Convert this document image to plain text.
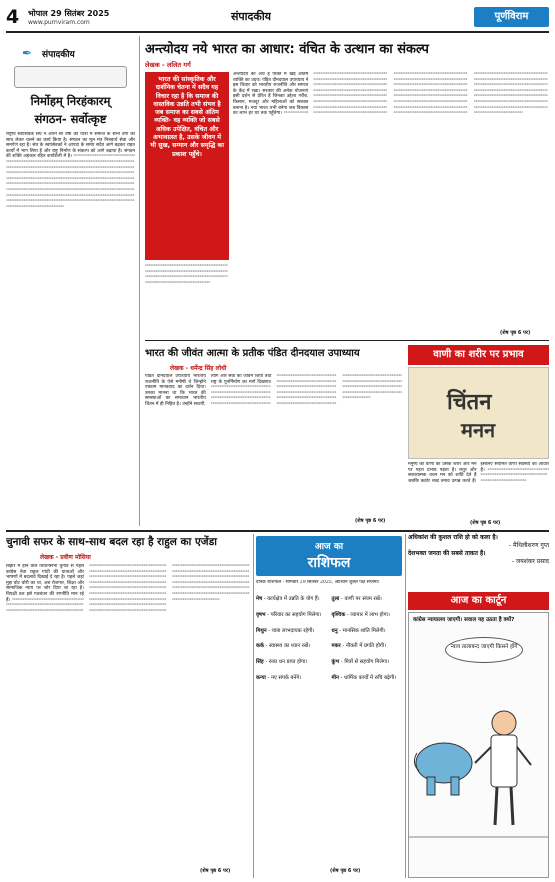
4 भोपाल 29 सितंबर 2025
www.purnviram.com	संपादकीय	पूर्णविराम
✒ संपादकीय
निर्मोहम् निरहंकारम्
संगठन- सर्वोत्कृष्ट
राष्ट्रीय स्वयंसेवक संघ ने अपने सौ वर्षों की यात्रा में समाज के सभी वर्गों को साथ लेकर चलने का कार्य किया है। संगठन का मूल मंत्र निःस्वार्थ सेवा और समर्पण रहा है। संघ के स्वयंसेवकों ने आपदा के समय सदैव आगे बढ़कर राहत कार्यों में भाग लिया है और राष्ट्र निर्माण के संकल्प को आगे बढ़ाया है। संगठन की शक्ति अहंकार रहित कार्यशैली में है। ॰॰॰॰॰॰॰॰॰॰॰॰॰॰॰॰॰॰॰॰॰॰॰॰॰॰॰॰॰॰॰॰॰॰॰॰॰॰॰॰॰॰॰॰॰॰॰॰॰॰॰॰॰॰॰॰॰॰॰॰॰॰॰॰॰॰॰॰॰॰॰॰॰॰॰॰॰॰॰॰॰॰॰॰॰॰॰॰॰॰॰॰॰॰॰॰॰॰॰॰॰॰॰॰॰॰॰॰॰॰॰॰॰॰॰॰॰॰॰॰॰॰॰॰॰॰॰॰॰॰॰॰॰॰॰॰॰॰॰॰॰॰॰॰॰॰॰॰॰॰॰॰॰॰॰॰॰॰॰॰॰॰॰॰॰॰॰॰॰॰॰॰॰॰॰॰॰॰॰॰॰॰॰॰॰॰॰॰॰॰॰॰॰॰॰॰॰॰॰॰॰॰॰॰॰॰॰॰॰॰॰॰॰॰॰॰॰॰॰॰॰॰॰॰॰॰॰॰॰॰॰॰॰॰॰॰॰॰॰॰॰॰॰॰॰॰॰॰॰॰॰॰॰॰॰॰॰॰॰॰॰॰॰॰॰॰॰॰॰॰॰॰॰॰॰॰॰॰॰॰॰॰॰॰॰॰॰॰॰॰॰॰॰॰॰॰॰॰॰॰॰॰॰॰॰॰॰॰॰॰॰॰॰॰॰॰॰॰॰॰॰॰॰॰॰॰॰॰॰॰॰॰॰॰॰॰॰॰॰॰॰॰॰॰॰॰॰॰॰॰॰॰॰॰॰॰॰॰॰॰॰॰॰॰॰॰॰॰॰॰॰॰॰॰॰॰॰॰॰॰॰॰॰॰॰॰॰॰॰॰॰॰॰॰॰॰॰॰॰॰॰॰॰॰॰॰॰॰॰॰॰॰॰॰॰॰॰॰॰॰॰॰॰॰॰॰॰॰॰॰॰॰॰॰॰॰॰॰॰॰॰॰॰॰॰॰॰॰॰॰॰॰॰॰॰॰॰॰॰॰॰॰॰॰॰॰॰॰॰॰॰॰॰॰॰॰॰॰॰॰॰॰॰॰॰॰॰॰॰॰॰॰॰॰॰॰॰॰॰॰॰॰॰॰॰॰॰॰॰॰॰॰॰॰॰॰॰॰॰॰॰॰॰॰॰॰॰॰॰॰॰॰॰॰॰॰॰॰॰॰॰॰॰॰॰॰॰॰॰॰॰॰॰॰॰॰॰॰॰॰॰॰॰॰॰॰॰॰॰॰॰॰॰॰॰॰॰॰॰॰॰॰॰॰॰॰॰॰॰॰॰॰॰॰॰॰॰॰॰॰॰॰॰॰॰॰॰॰॰॰॰॰॰॰॰॰॰॰॰॰॰॰॰॰॰॰॰॰॰॰॰॰॰॰॰॰॰॰॰॰॰॰॰॰॰॰॰॰॰॰॰॰
अन्त्योदय नये भारत का आधार: वंचित के उत्थान का संकल्प
लेखक - ललित गर्ग
भारत की सांस्कृतिक और दार्शनिक चेतना में सदैव यह विचार रहा है कि समाज की वास्तविक उन्नति तभी संभव है जब समाज का सबसे अंतिम व्यक्ति- वह व्यक्ति जो सबसे अधिक उपेक्षित, वंचित और अभावग्रस्त है, उसके जीवन में भी सुख, सम्मान और समृद्धि का प्रकाश पहुँचे।
॰॰॰॰॰॰॰॰॰॰॰॰॰॰॰॰॰॰॰॰॰॰॰॰॰॰॰॰॰॰॰॰॰॰॰॰॰॰॰॰॰॰॰॰॰॰॰॰॰॰॰॰॰॰॰॰॰॰॰॰॰॰॰॰॰॰॰॰॰॰॰॰॰॰॰॰॰॰॰॰॰॰॰॰॰॰॰॰॰॰॰॰॰॰॰॰॰॰॰॰॰॰॰॰॰॰॰॰॰॰॰॰॰॰॰॰॰॰॰॰॰॰॰॰॰॰॰॰॰॰॰॰॰॰॰॰॰॰॰॰॰॰॰॰॰॰॰॰॰॰॰॰॰॰॰॰॰॰॰॰॰॰॰॰॰॰॰॰॰॰॰॰॰॰॰॰॰॰
अन्त्योदय का अर्थ है पंक्ति में खड़े अंतिम व्यक्ति का उदय। पंडित दीनदयाल उपाध्याय ने इस विचार को भारतीय राजनीति और समाज के केंद्र में रखा। सरकार की अनेक योजनाएं इसी दर्शन से प्रेरित हैं जिनका उद्देश्य गरीब, किसान, मजदूर और महिलाओं को सशक्त बनाना है। नया भारत तभी बनेगा जब विकास का लाभ हर घर तक पहुँचेगा। ॰॰॰॰॰॰॰॰॰॰॰॰॰॰॰॰॰॰॰॰॰॰॰॰॰॰॰॰॰॰॰॰॰॰॰॰॰॰॰॰॰॰॰॰॰॰॰॰॰॰॰॰॰॰॰॰॰॰॰॰॰॰॰॰॰॰॰॰॰॰॰॰॰॰॰॰॰॰॰॰॰॰॰॰॰॰॰॰॰॰॰॰॰॰॰॰॰॰॰॰॰॰॰॰॰॰॰॰॰॰॰॰॰॰॰॰॰॰॰॰॰॰॰॰॰॰॰॰॰॰॰॰॰॰॰॰॰॰॰॰॰॰॰॰॰॰॰॰॰॰॰॰॰॰॰॰॰॰॰॰॰॰॰॰॰॰॰॰॰॰॰॰॰॰॰॰॰॰॰॰॰॰॰॰॰॰॰॰॰॰॰॰॰॰॰॰॰॰॰॰॰॰॰॰॰॰॰॰॰॰॰॰॰॰॰॰॰॰॰॰॰॰॰॰॰॰॰॰॰॰॰॰॰॰॰॰॰॰॰॰॰॰॰॰॰॰॰॰॰॰॰॰॰॰॰॰॰॰॰॰॰॰॰॰॰॰॰॰॰॰॰॰॰॰॰॰॰॰॰॰॰॰॰॰॰॰॰॰॰॰॰॰॰॰॰॰॰॰॰॰॰॰॰॰॰॰॰॰॰॰॰॰॰॰॰॰॰॰॰॰॰॰॰॰॰॰॰॰॰॰॰॰॰॰॰॰॰॰॰॰॰॰॰॰॰॰॰॰॰॰॰॰॰॰॰॰॰॰॰॰॰॰॰॰॰॰॰॰॰॰॰॰॰॰॰॰॰॰॰॰॰॰॰॰॰॰॰॰॰॰॰॰॰॰॰॰॰॰॰॰॰॰॰॰॰॰॰॰॰॰॰॰॰॰॰॰॰॰॰॰॰॰॰॰॰॰॰॰॰॰॰॰॰॰॰॰॰॰॰॰॰॰॰॰॰॰॰॰॰॰॰॰॰॰॰॰॰॰॰॰॰॰॰॰॰॰॰॰॰॰॰॰॰॰॰॰॰॰॰॰॰॰॰॰॰॰॰॰॰॰॰॰॰॰॰॰॰॰॰॰॰॰॰॰॰॰॰॰॰॰॰॰॰॰॰॰॰॰॰॰॰॰॰॰॰॰॰॰॰॰॰॰॰॰॰॰॰॰॰॰॰॰॰॰॰॰॰॰॰॰॰॰॰॰॰॰॰॰॰॰॰॰॰॰॰॰॰॰॰॰॰॰॰॰॰॰॰॰॰॰॰॰॰॰॰॰॰॰॰॰॰॰॰॰॰॰॰॰॰॰॰॰॰॰॰॰॰॰॰॰॰॰॰॰॰॰॰॰॰॰॰॰॰॰॰॰॰॰॰॰॰॰॰॰॰॰॰॰॰॰॰॰॰॰॰॰॰॰॰॰॰॰॰॰॰॰॰॰॰॰॰॰॰॰॰॰॰॰॰॰॰॰॰॰॰॰॰॰॰॰॰॰॰॰॰॰॰॰॰॰॰॰॰॰॰॰॰॰॰॰॰॰॰॰॰॰॰॰॰॰॰॰॰॰॰॰॰॰॰॰॰॰॰॰॰॰॰॰॰॰॰॰॰॰॰॰॰॰॰॰॰॰॰॰॰॰॰॰॰॰॰॰॰॰॰॰॰॰॰॰॰॰॰॰॰॰॰॰॰॰॰॰॰॰॰॰॰॰॰॰॰॰॰॰॰॰॰॰॰॰॰॰॰॰॰॰॰॰॰॰॰॰॰॰॰॰॰॰॰॰॰॰॰॰॰॰॰॰॰॰॰॰॰॰॰॰॰॰॰॰॰॰॰॰॰॰॰॰॰॰॰॰॰॰॰॰॰॰॰॰॰॰॰॰॰॰॰॰॰॰॰॰॰॰॰॰॰॰॰॰॰॰॰॰॰॰॰॰॰॰॰॰॰॰॰॰॰॰॰॰॰॰॰॰॰॰॰॰॰॰॰॰॰॰॰॰॰॰॰॰॰॰॰॰॰॰॰॰॰॰॰॰॰॰॰॰॰॰॰॰॰॰॰॰॰॰॰॰॰॰॰॰॰॰॰॰॰॰॰॰॰॰॰॰॰॰॰॰॰॰॰॰॰॰॰॰॰॰॰॰॰॰॰॰॰॰॰॰॰॰॰॰॰॰॰॰॰॰॰॰॰॰॰॰॰॰॰॰॰॰॰॰॰॰॰॰॰॰
(शेष पृष्ठ 6 पर)
भारत की जीवंत आत्मा के प्रतीक पंडित दीनदयाल उपाध्याय
लेखक - धर्मेन्द्र सिंह लोधी
पंडित दीनदयाल उपाध्याय भारतीय राजनीति के ऐसे मनीषी थे जिन्होंने एकात्म मानववाद का दर्शन दिया। उनका मानना था कि भारत की समस्याओं का समाधान भारतीय चिंतन में ही निहित है। उन्होंने सादगी, त्याग और सेवा का जीवन जिया तथा राष्ट्र के पुनर्निर्माण का मार्ग दिखाया। ॰॰॰॰॰॰॰॰॰॰॰॰॰॰॰॰॰॰॰॰॰॰॰॰॰॰॰॰॰॰॰॰॰॰॰॰॰॰॰॰॰॰॰॰॰॰॰॰॰॰॰॰॰॰॰॰॰॰॰॰॰॰॰॰॰॰॰॰॰॰॰॰॰॰॰॰॰॰॰॰॰॰॰॰॰॰॰॰॰॰॰॰॰॰॰॰॰॰॰॰॰॰॰॰॰॰॰॰॰॰॰॰॰॰॰॰॰॰॰॰॰॰॰॰॰॰॰॰॰॰॰॰॰॰॰॰॰॰॰॰॰॰॰॰॰॰॰॰॰॰॰॰॰॰॰॰॰॰॰॰॰॰॰॰॰॰॰॰॰॰॰॰॰॰॰॰॰॰॰॰॰॰॰॰॰॰॰॰॰॰॰॰॰॰॰॰॰॰॰॰॰॰॰॰॰॰॰॰॰॰॰॰॰॰॰॰॰॰॰॰॰॰॰॰॰॰॰॰॰॰॰॰॰॰॰॰॰॰॰॰॰॰॰॰॰॰॰॰॰॰॰॰॰॰॰॰॰॰॰॰॰॰॰॰॰॰॰॰॰॰॰॰॰॰॰॰॰॰॰॰॰॰॰॰॰॰॰॰॰॰॰॰॰॰॰॰॰॰॰॰॰॰॰॰॰॰॰॰॰॰॰॰॰॰॰॰॰॰॰॰॰॰॰॰॰॰॰॰॰॰॰॰॰॰॰॰॰॰॰॰॰॰॰॰॰॰॰॰॰॰॰॰॰॰॰॰॰॰॰॰॰॰॰॰॰॰॰॰॰॰॰॰॰॰॰॰॰॰॰॰॰॰॰॰॰॰॰॰॰॰॰॰॰॰॰॰॰॰॰॰॰॰॰॰॰॰॰॰॰॰॰॰॰॰॰॰॰॰॰॰॰॰॰॰॰॰॰॰॰॰॰॰॰॰॰॰॰॰॰॰॰॰॰॰॰॰॰॰॰॰॰॰॰॰॰॰॰॰॰॰॰॰॰॰॰॰॰॰॰॰॰॰॰॰॰॰॰॰॰॰॰॰॰॰॰॰॰॰॰॰॰॰
(शेष पृष्ठ 6 पर)
वाणी का शरीर पर प्रभाव
चिंतन
मनन
मनुष्य की वाणी का उसके शरीर और मन पर गहरा प्रभाव पड़ता है। मधुर और सकारात्मक वचन मन को शांति देते हैं जबकि कठोर शब्द तनाव उत्पन्न करते हैं। इसलिए संयमित वाणी स्वास्थ्य का आधार है। ॰॰॰॰॰॰॰॰॰॰॰॰॰॰॰॰॰॰॰॰॰॰॰॰॰॰॰॰॰॰॰॰॰॰॰॰॰॰॰॰॰॰॰॰॰॰॰॰॰॰॰॰॰॰॰॰॰॰॰॰॰॰॰॰॰॰॰॰॰॰॰॰॰॰॰॰॰॰॰॰॰॰॰॰॰॰॰॰॰॰॰॰॰॰॰॰॰॰॰
(शेष पृष्ठ 6 पर)
अधिकांश की कुशल राशि हो को कला है।
- मैथिलीशरण गुप्त
देशभक्त जनता की सबसे ताकत है।
- जयशंकर प्रसाद
आज का कार्टून
कांग्रेस न्यायालय जाएगी। सवाल यह उठता है क्यों?
न्याय तालाबन्द जाएगी किसने होंगे
चुनावी सफर के साथ-साथ बदल रहा है राहुल का एजेंडा
लेखक - प्रवीण मोसिया
बिहार में होने वाले विधानसभा चुनाव से पहले कांग्रेस नेता राहुल गांधी की यात्राओं और भाषणों में बदलाव दिखाई दे रहा है। पहले जहां मुद्दा वोट चोरी का था, अब रोजगार, शिक्षा और सामाजिक न्याय पर जोर दिया जा रहा है। विपक्षी दल इसे गठबंधन की रणनीति मान रहे हैं। ॰॰॰॰॰॰॰॰॰॰॰॰॰॰॰॰॰॰॰॰॰॰॰॰॰॰॰॰॰॰॰॰॰॰॰॰॰॰॰॰॰॰॰॰॰॰॰॰॰॰॰॰॰॰॰॰॰॰॰॰॰॰॰॰॰॰॰॰॰॰॰॰॰॰॰॰॰॰॰॰॰॰॰॰॰॰॰॰॰॰॰॰॰॰॰॰॰॰॰॰॰॰॰॰॰॰॰॰॰॰॰॰॰॰॰॰॰॰॰॰॰॰॰॰॰॰॰॰॰॰॰॰॰॰॰॰॰॰॰॰॰॰॰॰॰॰॰॰॰॰॰॰॰॰॰॰॰॰॰॰॰॰॰॰॰॰॰॰॰॰॰॰॰॰॰॰॰॰॰॰॰॰॰॰॰॰॰॰॰॰॰॰॰॰॰॰॰॰॰॰॰॰॰॰॰॰॰॰॰॰॰॰॰॰॰॰॰॰॰॰॰॰॰॰॰॰॰॰॰॰॰॰॰॰॰॰॰॰॰॰॰॰॰॰॰॰॰॰॰॰॰॰॰॰॰॰॰॰॰॰॰॰॰॰॰॰॰॰॰॰॰॰॰॰॰॰॰॰॰॰॰॰॰॰॰॰॰॰॰॰॰॰॰॰॰॰॰॰॰॰॰॰॰॰॰॰॰॰॰॰॰॰॰॰॰॰॰॰॰॰॰॰॰॰॰॰॰॰॰॰॰॰॰॰॰॰॰॰॰॰॰॰॰॰॰॰॰॰॰॰॰॰॰॰॰॰॰॰॰॰॰॰॰॰॰॰॰॰॰॰॰॰॰॰॰॰॰॰॰॰॰॰॰॰॰॰॰॰॰॰॰॰॰॰॰॰॰॰॰॰॰॰॰॰॰॰॰॰॰॰॰॰॰॰॰॰॰॰॰॰॰॰॰॰॰॰॰॰॰॰॰॰॰॰॰॰॰॰॰॰॰॰॰॰॰॰॰॰॰॰॰॰॰॰॰॰॰॰॰॰॰॰॰॰॰॰॰॰॰॰॰॰॰॰॰॰॰॰॰॰॰॰॰॰॰॰॰॰॰॰॰॰॰॰॰॰॰॰॰॰॰॰॰॰॰॰॰॰॰॰॰॰॰॰॰॰॰॰॰॰॰॰॰॰॰॰॰॰॰॰॰॰॰॰॰॰॰॰॰॰॰॰॰॰॰॰॰॰॰॰॰॰॰॰॰॰॰॰॰॰॰॰॰॰॰॰॰॰॰॰॰॰॰॰॰॰॰॰॰॰॰॰॰॰॰॰॰॰॰॰॰॰॰॰॰॰॰॰॰॰॰॰॰॰॰॰॰॰॰॰॰॰॰॰॰॰॰॰॰॰॰॰॰॰॰॰॰॰॰॰॰॰॰॰॰॰॰॰॰॰॰॰॰॰॰॰॰॰॰॰॰॰॰॰॰॰॰॰॰॰॰॰॰॰॰॰॰॰॰॰॰॰॰॰॰॰॰॰॰॰॰॰॰॰॰॰॰॰॰॰॰॰॰॰॰॰॰॰॰॰॰॰॰॰॰॰॰॰॰॰॰॰॰॰॰॰॰॰॰॰॰॰॰॰॰॰॰॰॰॰॰॰॰॰॰॰॰॰॰॰॰॰॰॰॰॰॰॰॰॰॰॰॰॰॰॰॰॰॰॰॰॰॰॰॰॰॰॰॰॰॰॰॰॰॰॰॰॰॰॰॰॰॰॰॰॰॰॰॰॰॰॰॰॰॰॰॰॰॰॰॰॰॰॰॰॰॰॰॰॰॰॰॰॰॰॰
(शेष पृष्ठ 6 पर)
आज का
राशिफल
दैनिक राशिफल - सोमवार 29 सितंबर 2025, आश्विन शुक्ल पक्ष सप्तमी।
मेष - कार्यक्षेत्र में उन्नति के योग हैं।
वृषभ - परिवार का सहयोग मिलेगा।
मिथुन - यात्रा लाभदायक रहेगी।
कर्क - स्वास्थ्य का ध्यान रखें।
सिंह - रुका धन प्राप्त होगा।
कन्या - नए संपर्क बनेंगे।
तुला - वाणी पर संयम रखें।
वृश्चिक - व्यापार में लाभ होगा।
धनु - मानसिक शांति मिलेगी।
मकर - नौकरी में प्रगति होगी।
कुंभ - मित्रों से सहयोग मिलेगा।
मीन - धार्मिक कार्यों में रुचि बढ़ेगी।
(शेष पृष्ठ 6 पर)
